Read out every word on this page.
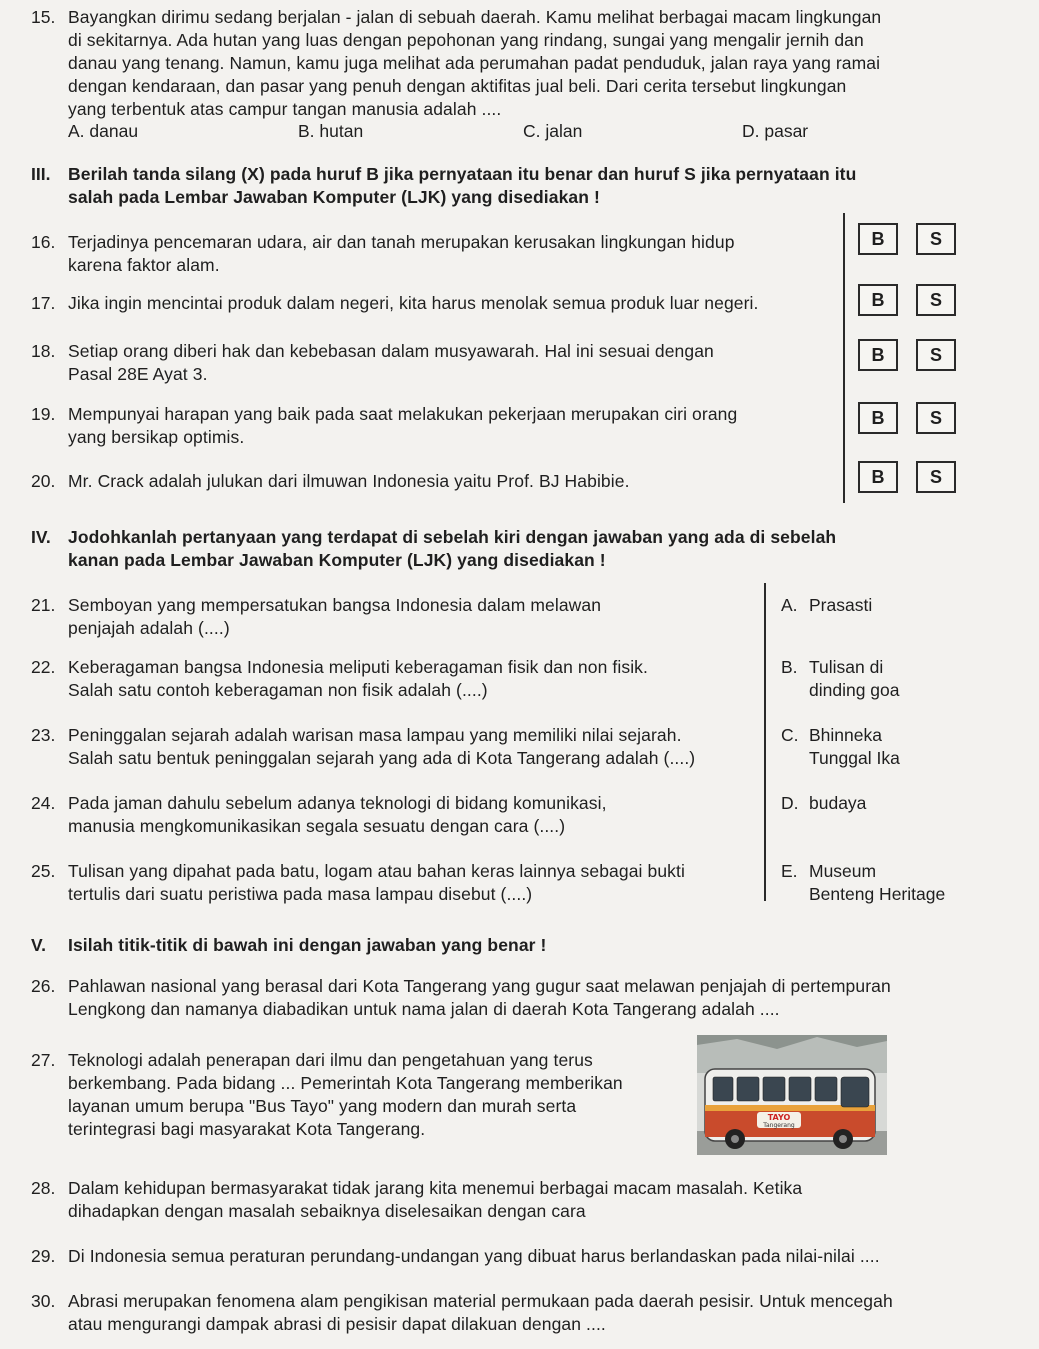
15. Bayangkan dirimu sedang berjalan - jalan di sebuah daerah. Kamu melihat berbagai macam lingkungan
di sekitarnya. Ada hutan yang luas dengan pepohonan yang rindang, sungai yang mengalir jernih dan
danau yang tenang. Namun, kamu juga melihat ada perumahan padat penduduk, jalan raya yang ramai
dengan kendaraan, dan pasar yang penuh dengan aktifitas jual beli. Dari cerita tersebut lingkungan
yang terbentuk atas campur tangan manusia adalah ....
A. danau	B. hutan	C. jalan	D. pasar
III. Berilah tanda silang (X) pada huruf B jika pernyataan itu benar dan huruf S jika pernyataan itu
salah pada Lembar Jawaban Komputer (LJK) yang disediakan !
16. Terjadinya pencemaran udara, air dan tanah merupakan kerusakan lingkungan hidup
karena faktor alam.
B	S
17. Jika ingin mencintai produk dalam negeri, kita harus menolak semua produk luar negeri.	B	S
18. Setiap orang diberi hak dan kebebasan dalam musyawarah. Hal ini sesuai dengan
Pasal 28E Ayat 3.
B	S
19. Mempunyai harapan yang baik pada saat melakukan pekerjaan merupakan ciri orang
yang bersikap optimis.
B	S
20. Mr. Crack adalah julukan dari ilmuwan Indonesia yaitu Prof. BJ Habibie.	B	S
IV. Jodohkanlah pertanyaan yang terdapat di sebelah kiri dengan jawaban yang ada di sebelah
kanan pada Lembar Jawaban Komputer (LJK) yang disediakan !
21. Semboyan yang mempersatukan bangsa Indonesia dalam melawan
penjajah adalah (....)
A. Prasasti
22. Keberagaman bangsa Indonesia meliputi keberagaman fisik dan non fisik.
Salah satu contoh keberagaman non fisik adalah (....)
B. Tulisan di
dinding goa
23. Peninggalan sejarah adalah warisan masa lampau yang memiliki nilai sejarah.
Salah satu bentuk peninggalan sejarah yang ada di Kota Tangerang adalah (....)
C. Bhinneka
Tunggal Ika
24. Pada jaman dahulu sebelum adanya teknologi di bidang komunikasi,
manusia mengkomunikasikan segala sesuatu dengan cara (....)
D. budaya
25. Tulisan yang dipahat pada batu, logam atau bahan keras lainnya sebagai bukti
tertulis dari suatu peristiwa pada masa lampau disebut (....)
E. Museum
Benteng Heritage
V. Isilah titik-titik di bawah ini dengan jawaban yang benar !
26. Pahlawan nasional yang berasal dari Kota Tangerang yang gugur saat melawan penjajah di pertempuran
Lengkong dan namanya diabadikan untuk nama jalan di daerah Kota Tangerang adalah ....
27. Teknologi adalah penerapan dari ilmu dan pengetahuan yang terus
berkembang. Pada bidang ... Pemerintah Kota Tangerang memberikan
layanan umum berupa "Bus Tayo" yang modern dan murah serta
terintegrasi bagi masyarakat Kota Tangerang.
TAYO
Tangerang
28. Dalam kehidupan bermasyarakat tidak jarang kita menemui berbagai macam masalah. Ketika
dihadapkan dengan masalah sebaiknya diselesaikan dengan cara
29. Di Indonesia semua peraturan perundang-undangan yang dibuat harus berlandaskan pada nilai-nilai ....
30. Abrasi merupakan fenomena alam pengikisan material permukaan pada daerah pesisir. Untuk mencegah
atau mengurangi dampak abrasi di pesisir dapat dilakuan dengan ....
